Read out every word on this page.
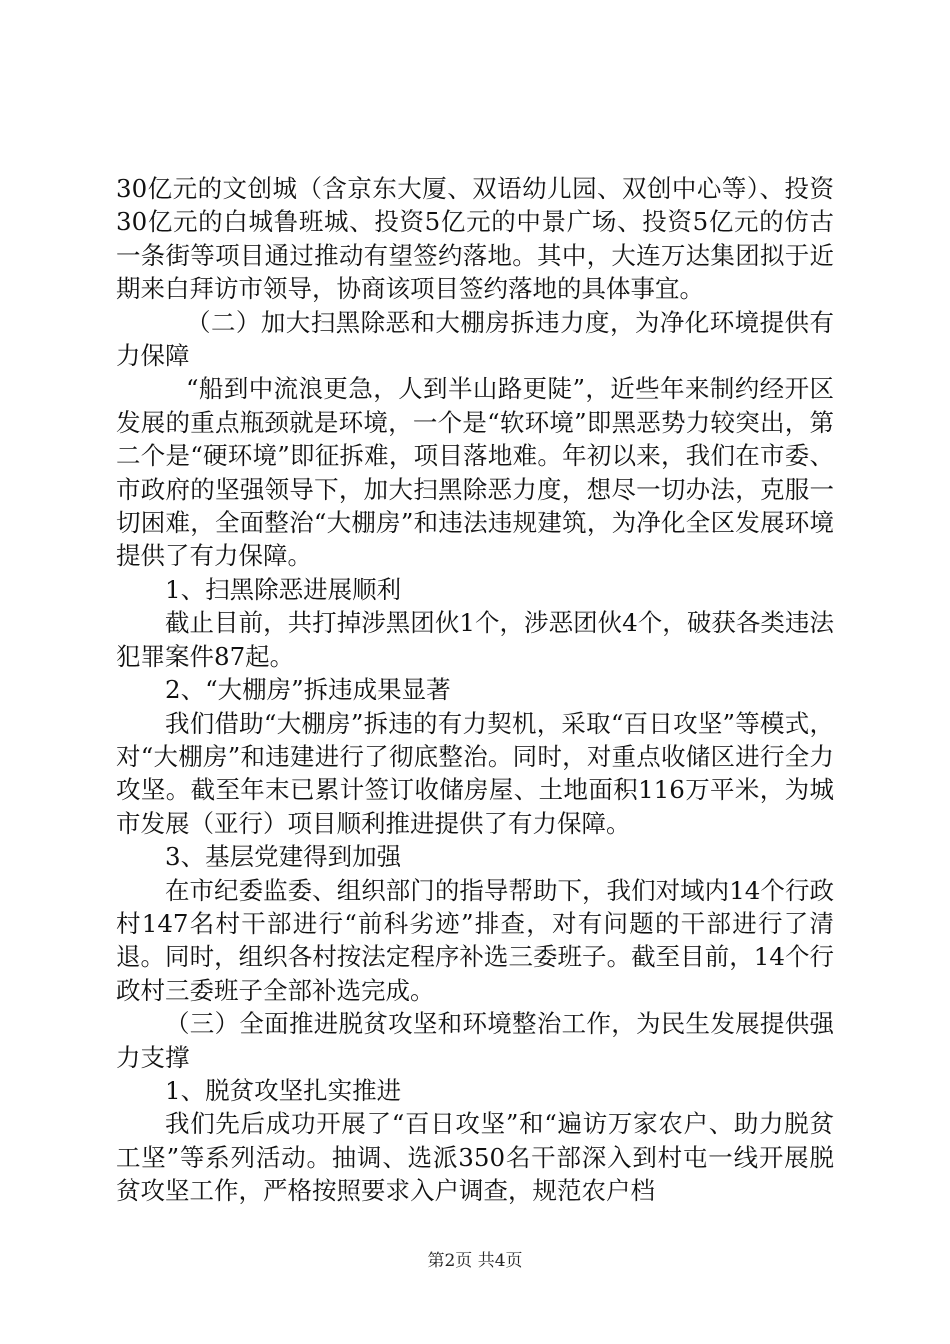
30亿元的文创城（含京东大厦、双语幼儿园、双创中心等）、投资30亿元的白城鲁班城、投资5亿元的中景广场、投资5亿元的仿古一条街等项目通过推动有望签约落地。其中，大连万达集团拟于近期来白拜访市领导，协商该项目签约落地的具体事宜。

（二）加大扫黑除恶和大棚房拆违力度，为净化环境提供有力保障

“船到中流浪更急，人到半山路更陡”，近些年来制约经开区发展的重点瓶颈就是环境，一个是“软环境”即黑恶势力较突出，第二个是“硬环境”即征拆难，项目落地难。年初以来，我们在市委、市政府的坚强领导下，加大扫黑除恶力度，想尽一切办法，克服一切困难，全面整治“大棚房”和违法违规建筑，为净化全区发展环境提供了有力保障。

1、扫黑除恶进展顺利

截止目前，共打掉涉黑团伙1个，涉恶团伙4个，破获各类违法犯罪案件87起。

2、“大棚房”拆违成果显著

我们借助“大棚房”拆违的有力契机，采取“百日攻坚”等模式，对“大棚房”和违建进行了彻底整治。同时，对重点收储区进行全力攻坚。截至年末已累计签订收储房屋、土地面积116万平米，为城市发展（亚行）项目顺利推进提供了有力保障。

3、基层党建得到加强

在市纪委监委、组织部门的指导帮助下，我们对域内14个行政村147名村干部进行“前科劣迹”排查，对有问题的干部进行了清退。同时，组织各村按法定程序补选三委班子。截至目前，14个行政村三委班子全部补选完成。

（三）全面推进脱贫攻坚和环境整治工作，为民生发展提供强力支撑

1、脱贫攻坚扎实推进

我们先后成功开展了“百日攻坚”和“遍访万家农户、助力脱贫工坚”等系列活动。抽调、选派350名干部深入到村屯一线开展脱贫攻坚工作，严格按照要求入户调查，规范农户档

第2页 共4页
